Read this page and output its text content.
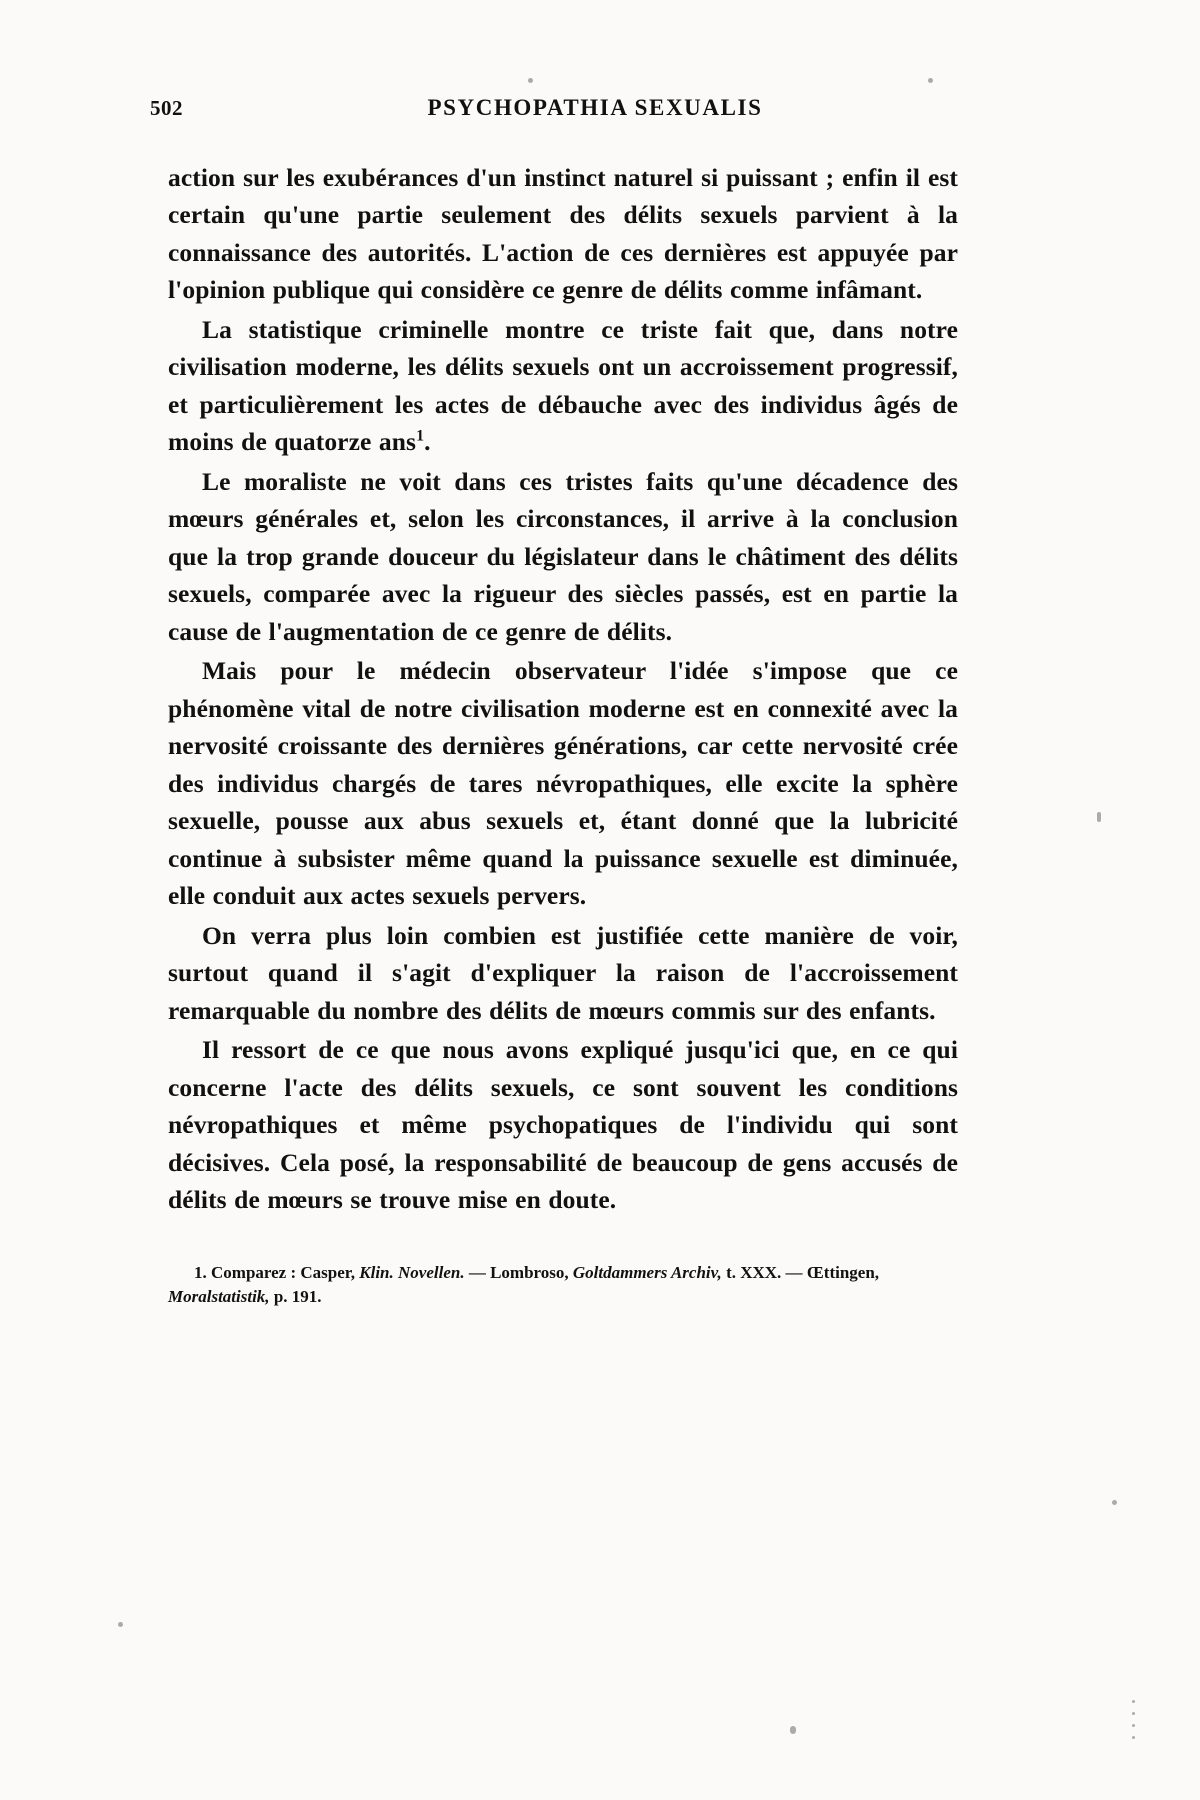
502	PSYCHOPATHIA SEXUALIS

action sur les exubérances d'un instinct naturel si puissant ; enfin il est certain qu'une partie seulement des délits sexuels parvient à la connaissance des autorités. L'action de ces dernières est appuyée par l'opinion publique qui considère ce genre de délits comme infâmant.

La statistique criminelle montre ce triste fait que, dans notre civilisation moderne, les délits sexuels ont un accroissement progressif, et particulièrement les actes de débauche avec des individus âgés de moins de quatorze ans$^1$.

Le moraliste ne voit dans ces tristes faits qu'une décadence des mœurs générales et, selon les circonstances, il arrive à la conclusion que la trop grande douceur du législateur dans le châtiment des délits sexuels, comparée avec la rigueur des siècles passés, est en partie la cause de l'augmentation de ce genre de délits.

Mais pour le médecin observateur l'idée s'impose que ce phénomène vital de notre civilisation moderne est en connexité avec la nervosité croissante des dernières générations, car cette nervosité crée des individus chargés de tares névropathiques, elle excite la sphère sexuelle, pousse aux abus sexuels et, étant donné que la lubricité continue à subsister même quand la puissance sexuelle est diminuée, elle conduit aux actes sexuels pervers.

On verra plus loin combien est justifiée cette manière de voir, surtout quand il s'agit d'expliquer la raison de l'accroissement remarquable du nombre des délits de mœurs commis sur des enfants.

Il ressort de ce que nous avons expliqué jusqu'ici que, en ce qui concerne l'acte des délits sexuels, ce sont souvent les conditions névropathiques et même psychopatiques de l'individu qui sont décisives. Cela posé, la responsabilité de beaucoup de gens accusés de délits de mœurs se trouve mise en doute.

1. Comparez : Casper, Klin. Novellen. — Lombroso, Goltdammers Archiv, t. XXX. — Œttingen, Moralstatistik, p. 191.
